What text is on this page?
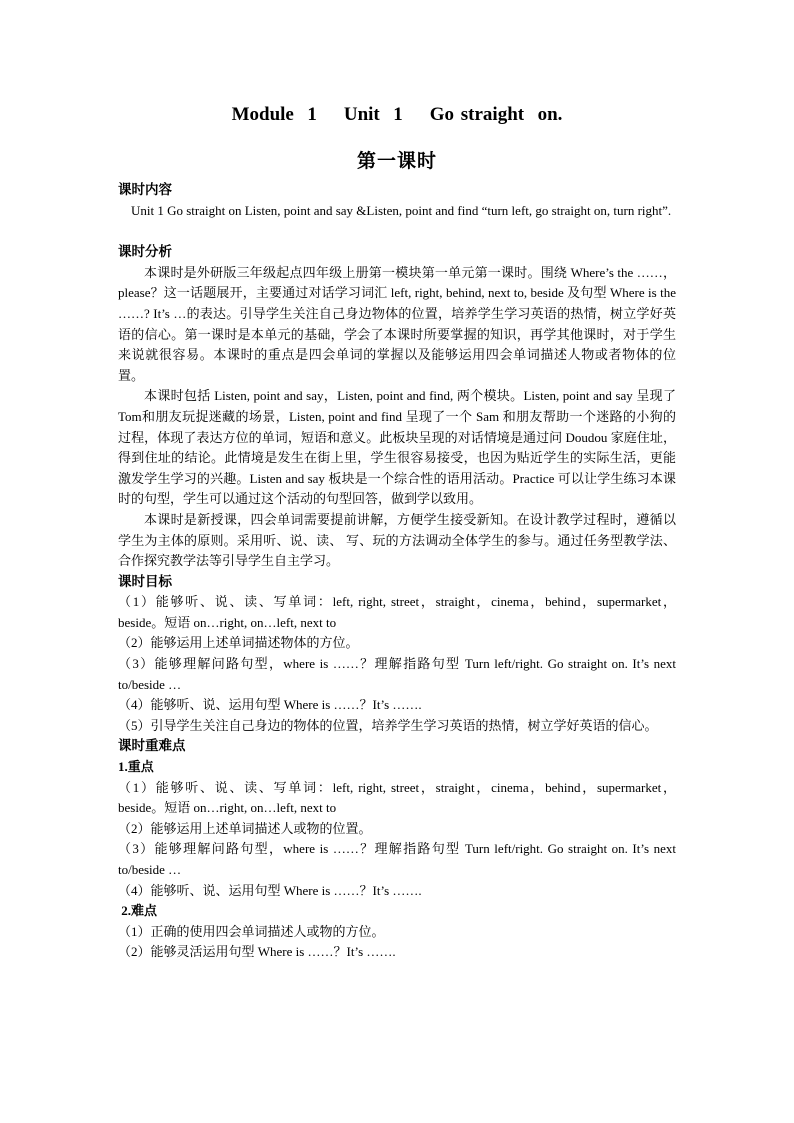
Module  1    Unit  1    Go straight  on.
第一课时

课时内容

Unit 1 Go straight on Listen, point and say &Listen, point and find “turn left, go straight on, turn right”.

课时分析

本课时是外研版三年级起点四年级上册第一模块第一单元第一课时。围绕 Where’s the ……，please？这一话题展开，主要通过对话学习词汇 left, right, behind, next to, beside 及句型 Where is the ……? It’s …的表达。引导学生关注自己身边物体的位置，培养学生学习英语的热情，树立学好英语的信心。第一课时是本单元的基础，学会了本课时所要掌握的知识，再学其他课时，对于学生来说就很容易。本课时的重点是四会单词的掌握以及能够运用四会单词描述人物或者物体的位置。

本课时包括 Listen, point and say，Listen, point and find, 两个模块。Listen, point and say 呈现了 Tom和朋友玩捉迷藏的场景，Listen, point and find 呈现了一个 Sam 和朋友帮助一个迷路的小狗的过程，体现了表达方位的单词，短语和意义。此板块呈现的对话情境是通过问 Doudou 家庭住址，得到住址的结论。此情境是发生在街上里，学生很容易接受，也因为贴近学生的实际生活，更能激发学生学习的兴趣。Listen and say 板块是一个综合性的语用活动。Practice 可以让学生练习本课时的句型，学生可以通过这个活动的句型回答，做到学以致用。

本课时是新授课，四会单词需要提前讲解，方便学生接受新知。在设计教学过程时，遵循以学生为主体的原则。采用听、说、读、 写、玩的方法调动全体学生的参与。通过任务型教学法、合作探究教学法等引导学生自主学习。

课时目标

（1）能够听、说、读、写单词：left, right, street，straight，cinema，behind，supermarket，beside。短语 on…right, on…left, next to

（2）能够运用上述单词描述物体的方位。

（3）能够理解问路句型，where is ……？理解指路句型 Turn left/right. Go straight on. It’s next to/beside …

（4）能够听、说、运用句型 Where is ……？It’s …….

（5）引导学生关注自己身边的物体的位置，培养学生学习英语的热情，树立学好英语的信心。

课时重难点

1.重点

（1）能够听、说、读、写单词：left, right, street，straight，cinema，behind，supermarket，beside。短语 on…right, on…left, next to

（2）能够运用上述单词描述人或物的位置。

（3）能够理解问路句型，where is ……？理解指路句型 Turn left/right. Go straight on. It’s next to/beside …

（4）能够听、说、运用句型 Where is ……？It’s …….

2.难点

（1）正确的使用四会单词描述人或物的方位。

（2）能够灵活运用句型 Where is ……？It’s …….
